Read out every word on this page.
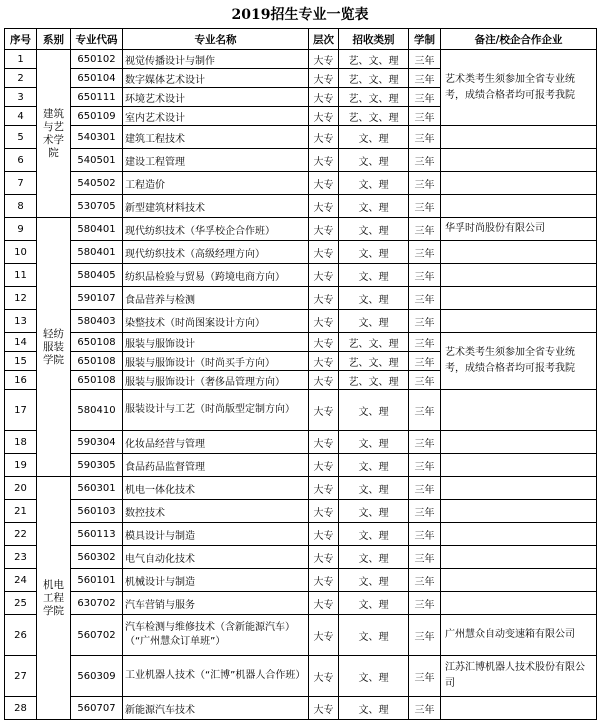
2019招生专业一览表
序号	系别	专业代码	专业名称	层次	招收类别	学制	备注/校企合作企业
1	建筑与艺术学院	650102	视觉传播设计与制作	大专	艺、文、理	三年	艺术类考生须参加全省专业统考，成绩合格者均可报考我院
2		650104	数字媒体艺术设计	大专	艺、文、理	三年	
3		650111	环境艺术设计	大专	艺、文、理	三年	
4		650109	室内艺术设计	大专	艺、文、理	三年	
5		540301	建筑工程技术	大专	文、理	三年	
6		540501	建设工程管理	大专	文、理	三年	
7		540502	工程造价	大专	文、理	三年	
8		530705	新型建筑材料技术	大专	文、理	三年	
9	轻纺服装学院	580401	现代纺织技术（华孚校企合作班）	大专	文、理	三年	华孚时尚股份有限公司
10		580401	现代纺织技术（高级经理方向）	大专	文、理	三年	
11		580405	纺织品检验与贸易（跨境电商方向）	大专	文、理	三年	
12		590107	食品营养与检测	大专	文、理	三年	
13		580403	染整技术（时尚图案设计方向）	大专	文、理	三年	
14		650108	服装与服饰设计	大专	艺、文、理	三年	艺术类考生须参加全省专业统考，成绩合格者均可报考我院
15		650108	服装与服饰设计（时尚买手方向）	大专	艺、文、理	三年	
16		650108	服装与服饰设计（奢侈品管理方向）	大专	艺、文、理	三年	
17		580410	服装设计与工艺（时尚版型定制方向）	大专	文、理	三年	
18		590304	化妆品经营与管理	大专	文、理	三年	
19		590305	食品药品监督管理	大专	文、理	三年	
20	机电工程学院	560301	机电一体化技术	大专	文、理	三年	
21		560103	数控技术	大专	文、理	三年	
22		560113	模具设计与制造	大专	文、理	三年	
23		560302	电气自动化技术	大专	文、理	三年	
24		560101	机械设计与制造	大专	文、理	三年	
25		630702	汽车营销与服务	大专	文、理	三年	
26		560702	汽车检测与维修技术（含新能源汽车）（“广州慧众订单班”）	大专	文、理	三年	广州慧众自动变速箱有限公司
27		560309	工业机器人技术（“汇博”机器人合作班）	大专	文、理	三年	江苏汇博机器人技术股份有限公司
28		560707	新能源汽车技术	大专	文、理	三年	
